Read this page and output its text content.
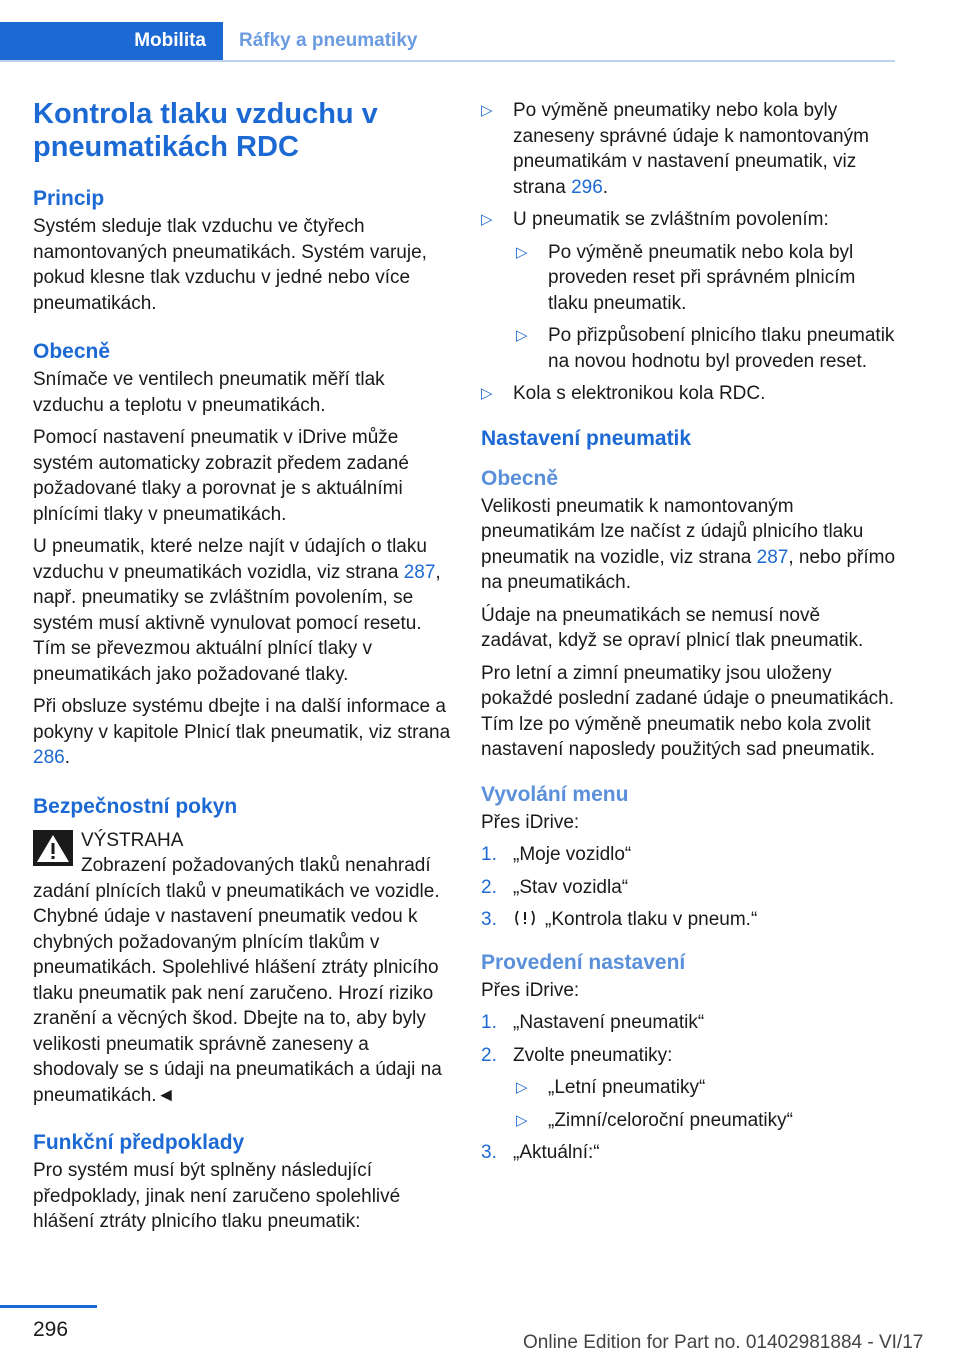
Mobilita	Ráfky a pneumatiky
Kontrola tlaku vzduchu v pneumatikách RDC
Princip

Systém sleduje tlak vzduchu ve čtyřech namontovaných pneumatikách. Systém varuje, pokud klesne tlak vzduchu v jedné nebo více pneumatikách.

Obecně

Snímače ve ventilech pneumatik měří tlak vzduchu a teplotu v pneumatikách.

Pomocí nastavení pneumatik v iDrive může systém automaticky zobrazit předem zadané požadované tlaky a porovnat je s aktuálními plnícími tlaky v pneumatikách.

U pneumatik, které nelze najít v údajích o tlaku vzduchu v pneumatikách vozidla, viz strana 287, např. pneumatiky se zvláštním povolením, se systém musí aktivně vynulovat pomocí resetu. Tím se převezmou aktuální plnící tlaky v pneumatikách jako požadované tlaky.

Při obsluze systému dbejte i na další informace a pokyny v kapitole Plnicí tlak pneumatik, viz strana 286.

Bezpečnostní pokyn
VÝSTRAHA
Zobrazení požadovaných tlaků nenahradí
zadání plnících tlaků v pneumatikách ve vozidle. Chybné údaje v nastavení pneumatik vedou k chybných požadovaným plnícím tlakům v pneumatikách. Spolehlivé hlášení ztráty plnicího tlaku pneumatik pak není zaručeno. Hrozí riziko zranění a věcných škod. Dbejte na to, aby byly velikosti pneumatik správně zaneseny a shodovaly se s údaji na pneumatikách a údaji na pneumatikách.◄
Funkční předpoklady

Pro systém musí být splněny následující předpoklady, jinak není zaručeno spolehlivé hlášení ztráty plnicího tlaku pneumatik:

▷ Po výměně pneumatiky nebo kola byly zaneseny správné údaje k namontovaným pneumatikám v nastavení pneumatik, viz strana 296.
▷ U pneumatik se zvláštním povolením:
▷ Po výměně pneumatik nebo kola byl proveden reset při správném plnicím tlaku pneumatik.
▷ Po přizpůsobení plnicího tlaku pneumatik na novou hodnotu byl proveden reset.
▷ Kola s elektronikou kola RDC.
Nastavení pneumatik
Obecně

Velikosti pneumatik k namontovaným pneumatikám lze načíst z údajů plnicího tlaku pneumatik na vozidle, viz strana 287, nebo přímo na pneumatikách.

Údaje na pneumatikách se nemusí nově zadávat, když se opraví plnicí tlak pneumatik.

Pro letní a zimní pneumatiky jsou uloženy pokaždé poslední zadané údaje o pneumatikách. Tím lze po výměně pneumatik nebo kola zvolit nastavení naposledy použitých sad pneumatik.

Vyvolání menu

Přes iDrive:

1. „Moje vozidlo“
2. „Stav vozidla“
3.	„Kontrola tlaku v pneum.“
Provedení nastavení

Přes iDrive:

1. „Nastavení pneumatik“
2. Zvolte pneumatiky:
▷ „Letní pneumatiky“
▷ „Zimní/celoroční pneumatiky“
3. „Aktuální:“
296
Online Edition for Part no. 01402981884 - VI/17
